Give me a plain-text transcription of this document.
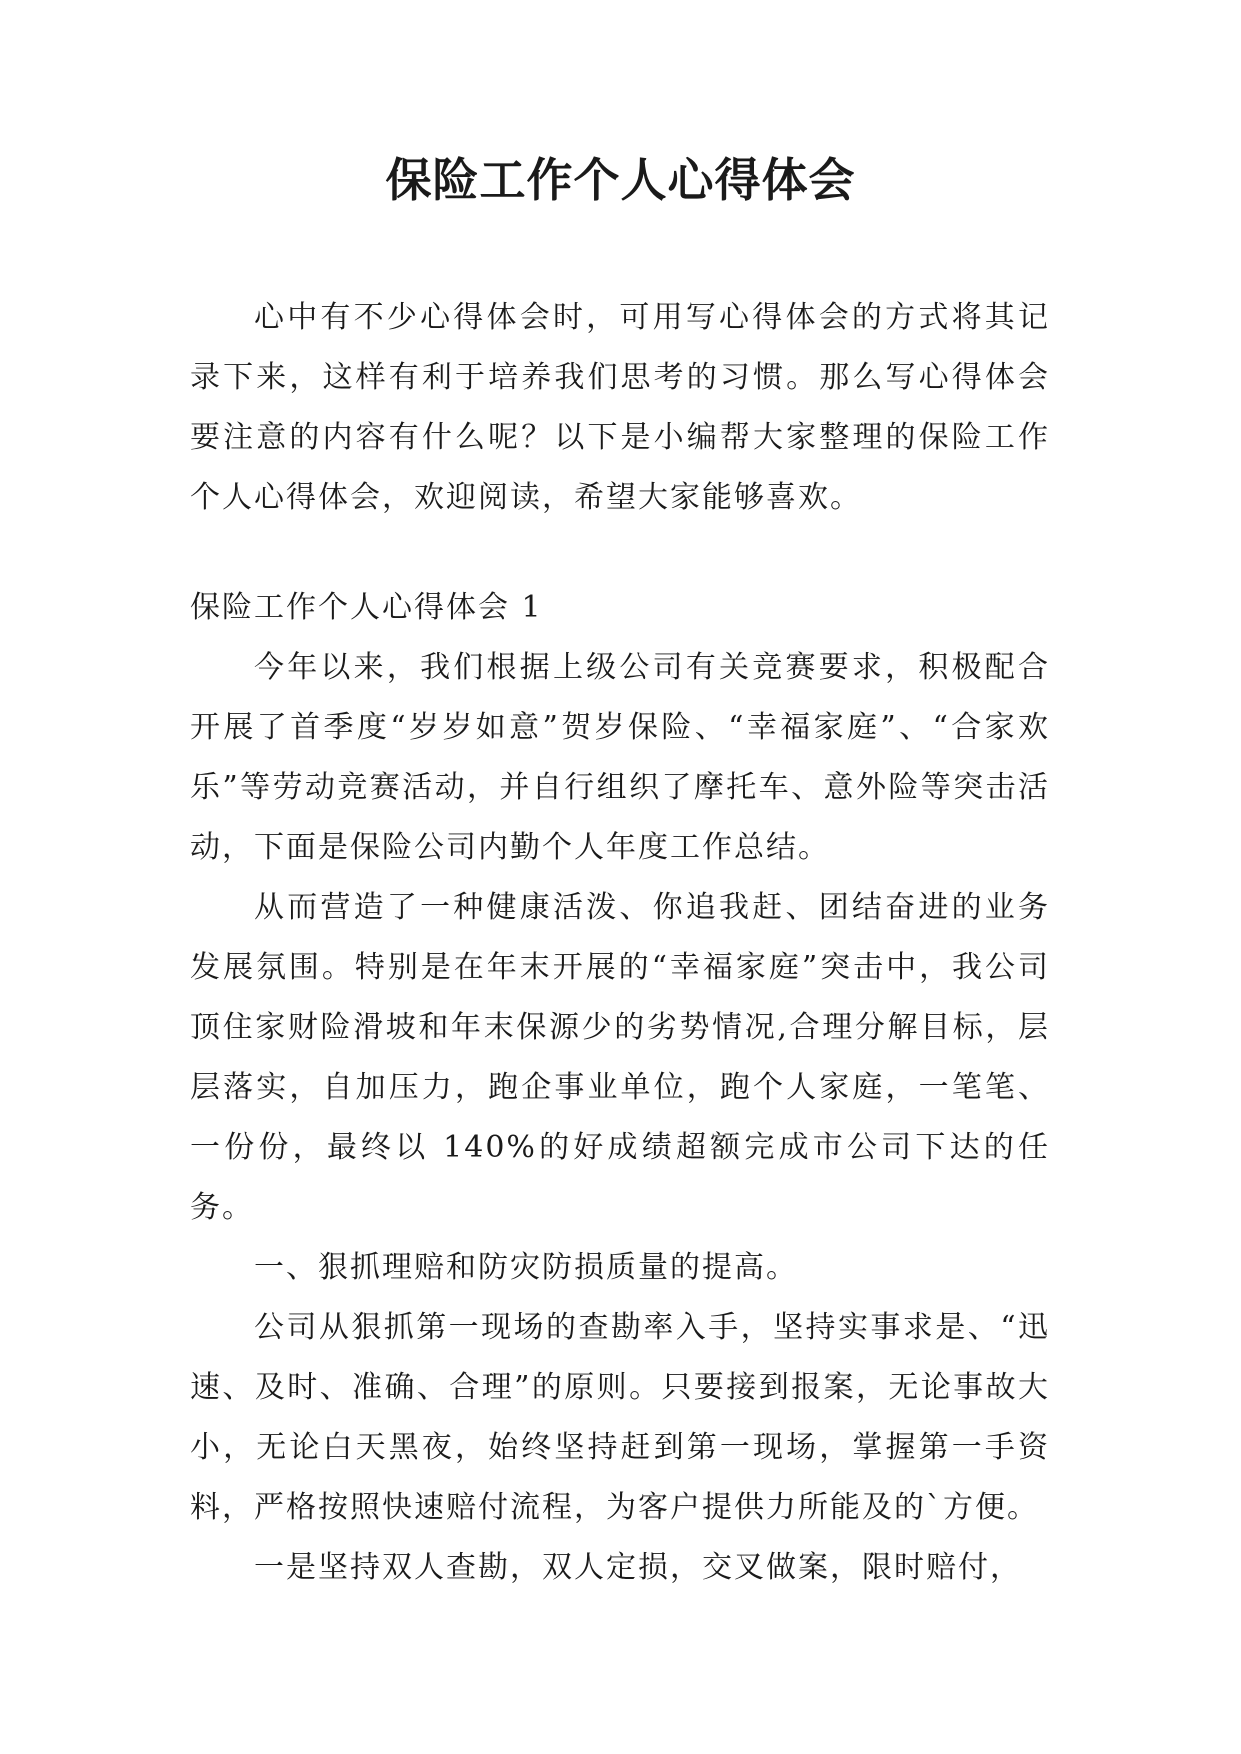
保险工作个人心得体会

心中有不少心得体会时，可用写心得体会的方式将其记录下来，这样有利于培养我们思考的习惯。那么写心得体会要注意的内容有什么呢？以下是小编帮大家整理的保险工作个人心得体会，欢迎阅读，希望大家能够喜欢。

保险工作个人心得体会 1

今年以来，我们根据上级公司有关竞赛要求，积极配合开展了首季度“岁岁如意”贺岁保险、“幸福家庭”、“合家欢乐”等劳动竞赛活动，并自行组织了摩托车、意外险等突击活动，下面是保险公司内勤个人年度工作总结。

从而营造了一种健康活泼、你追我赶、团结奋进的业务发展氛围。特别是在年末开展的“幸福家庭”突击中，我公司顶住家财险滑坡和年末保源少的劣势情况,合理分解目标，层层落实，自加压力，跑企事业单位，跑个人家庭，一笔笔、一份份，最终以 140%的好成绩超额完成市公司下达的任务。

一、狠抓理赔和防灾防损质量的提高。

公司从狠抓第一现场的查勘率入手，坚持实事求是、“迅速、及时、准确、合理”的原则。只要接到报案，无论事故大小，无论白天黑夜，始终坚持赶到第一现场，掌握第一手资料，严格按照快速赔付流程，为客户提供力所能及的`方便。

一是坚持双人查勘，双人定损，交叉做案，限时赔付，
